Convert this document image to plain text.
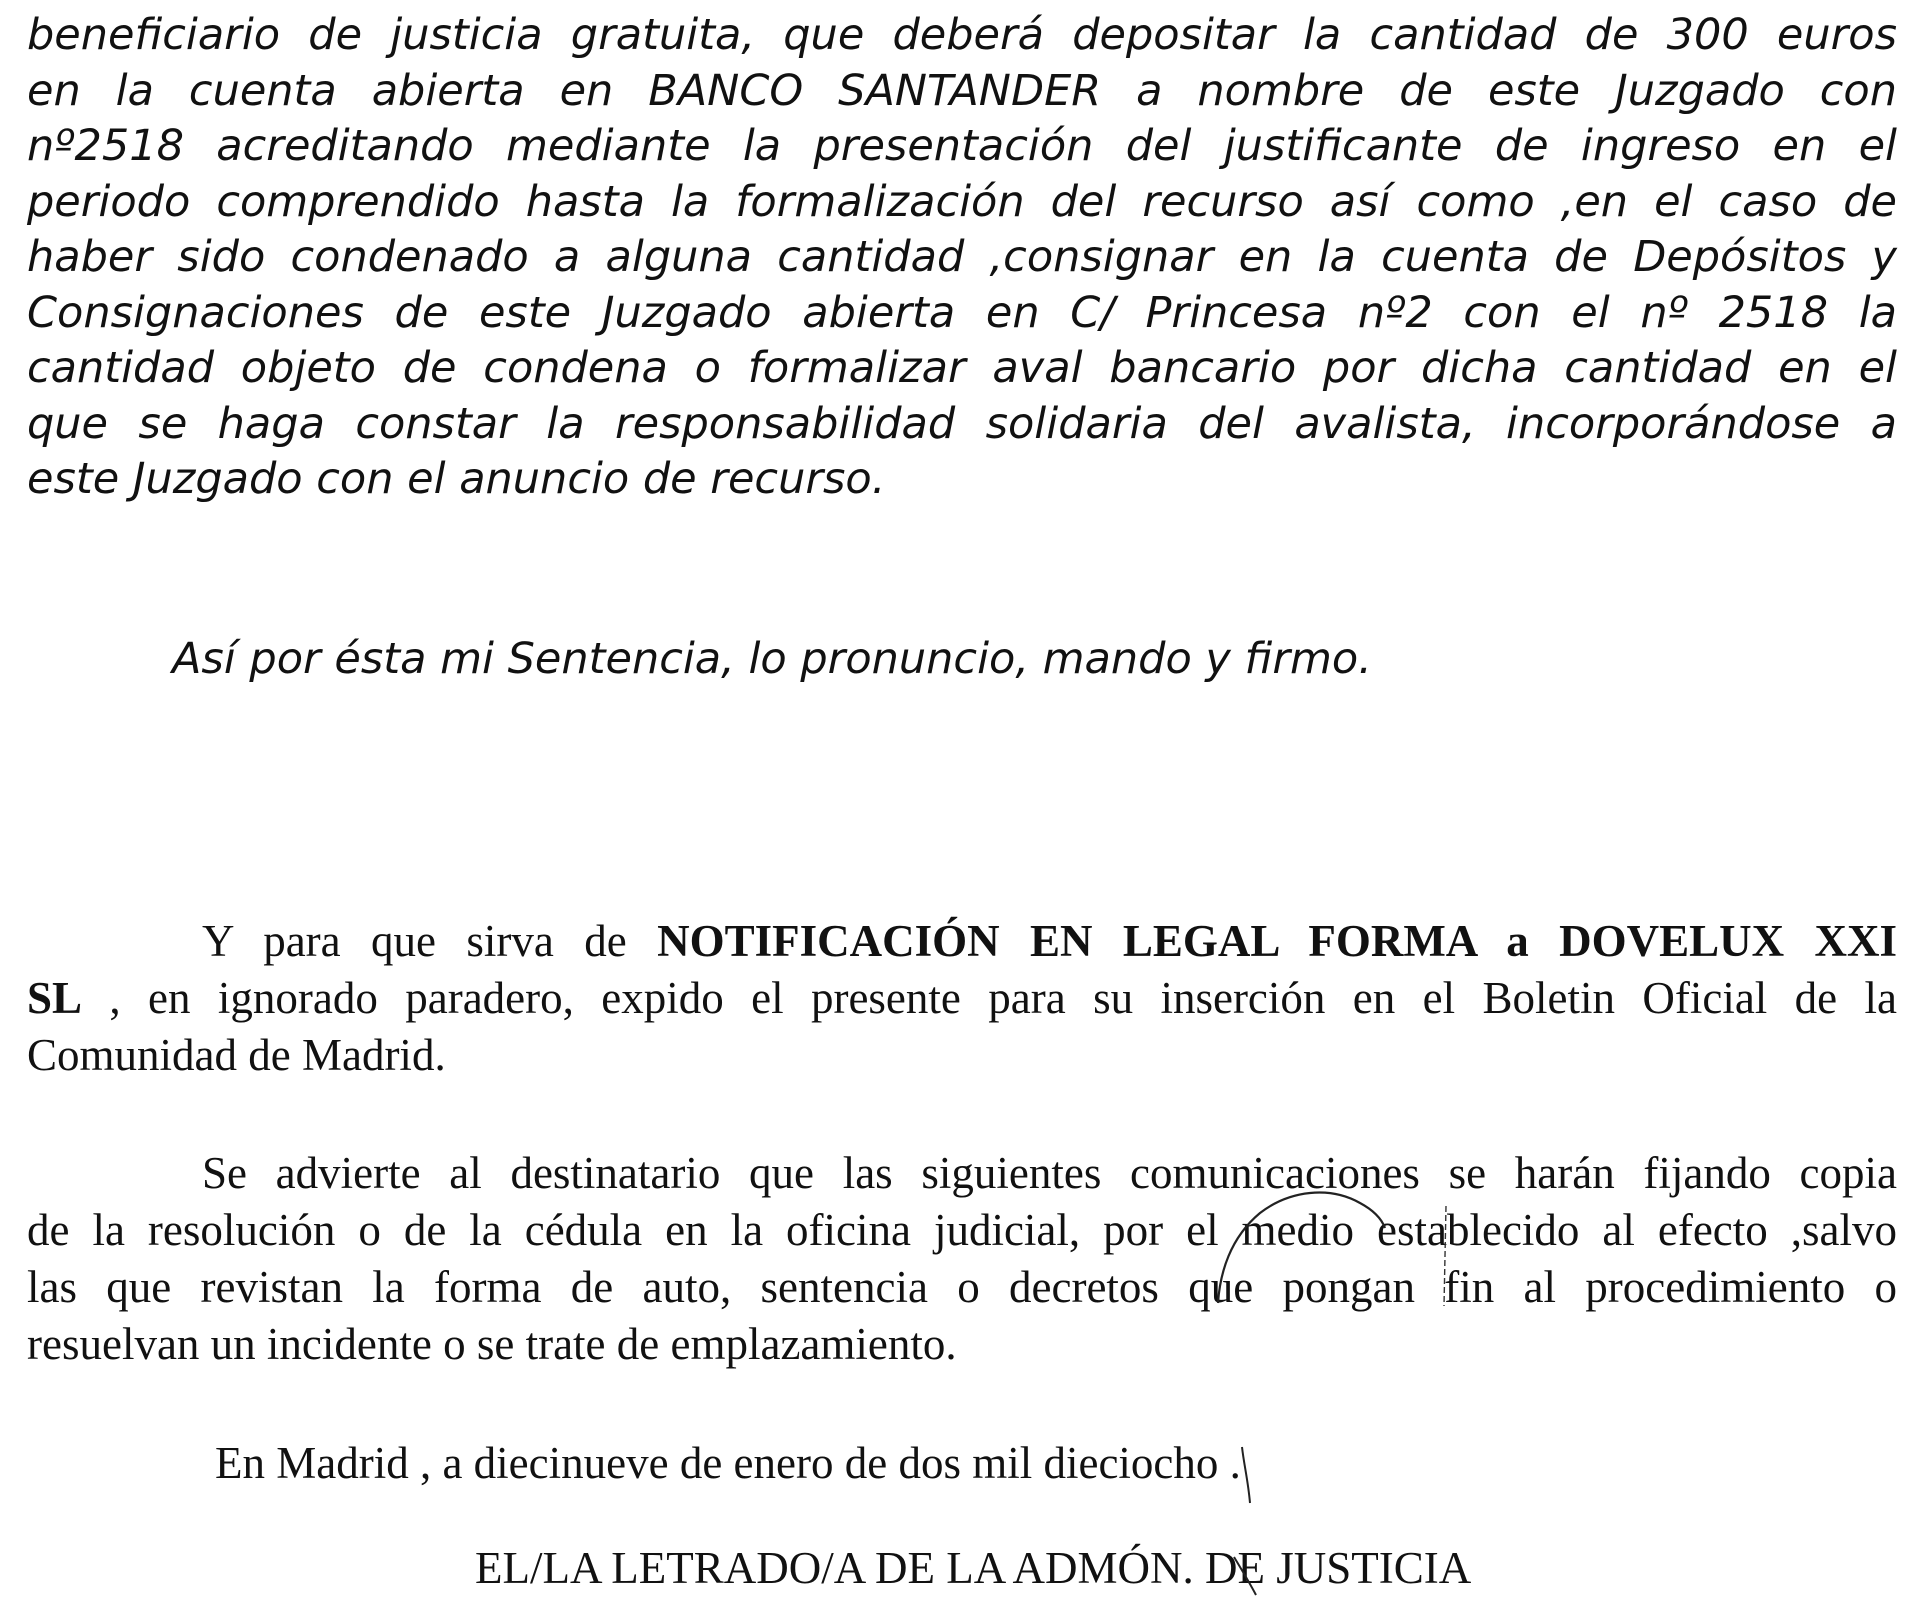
beneficiario de justicia gratuita, que deberá depositar la cantidad de 300 euros
en la cuenta abierta en BANCO SANTANDER a nombre de este Juzgado con
nº2518 acreditando mediante la presentación del justificante de ingreso en el
periodo comprendido hasta la formalización del recurso así como ,en el caso de
haber sido condenado a alguna cantidad ,consignar en la cuenta de Depósitos y
Consignaciones de este Juzgado abierta en C/ Princesa nº2 con el nº 2518 la
cantidad objeto de condena o formalizar aval bancario por dicha cantidad en el
que se haga constar la responsabilidad solidaria del avalista, incorporándose a
este Juzgado con el anuncio de recurso.
Así por ésta mi Sentencia, lo pronuncio, mando y firmo.
Y para que sirva de NOTIFICACIÓN EN LEGAL FORMA a DOVELUX XXI
SL , en ignorado paradero, expido el presente para su inserción en el Boletin Oficial de la
Comunidad de Madrid.
Se advierte al destinatario que las siguientes comunicaciones se harán fijando copia
de la resolución o de la cédula en la oficina judicial, por el medio establecido al efecto ,salvo
las que revistan la forma de auto, sentencia o decretos que pongan fin al procedimiento o
resuelvan un incidente o se trate de emplazamiento.
En Madrid , a diecinueve de enero de dos mil dieciocho .
EL/LA LETRADO/A DE LA ADMÓN. DE JUSTICIA
